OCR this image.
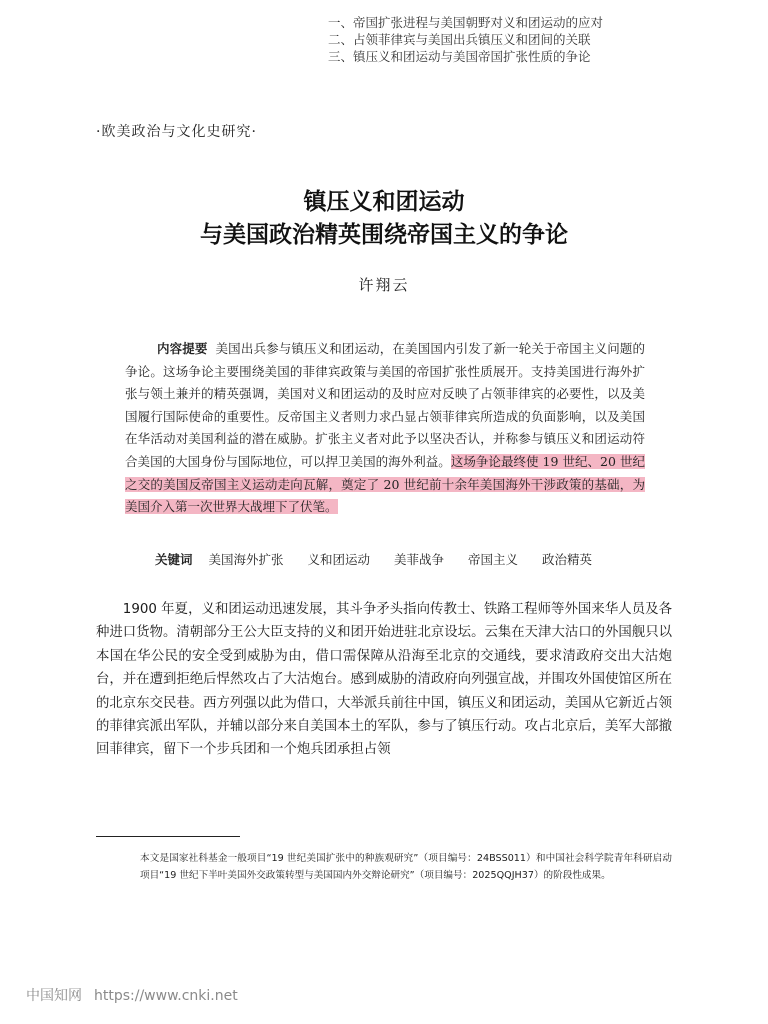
一、帝国扩张进程与美国朝野对义和团运动的应对
二、占领菲律宾与美国出兵镇压义和团间的关联
三、镇压义和团运动与美国帝国扩张性质的争论
·欧美政治与文化史研究·
镇压义和团运动
与美国政治精英围绕帝国主义的争论
许翔云
内容提要 美国出兵参与镇压义和团运动，在美国国内引发了新一轮关于帝国主义问题的争论。这场争论主要围绕美国的菲律宾政策与美国的帝国扩张性质展开。支持美国进行海外扩张与领土兼并的精英强调，美国对义和团运动的及时应对反映了占领菲律宾的必要性，以及美国履行国际使命的重要性。反帝国主义者则力求凸显占领菲律宾所造成的负面影响，以及美国在华活动对美国利益的潜在威胁。扩张主义者对此予以坚决否认，并称参与镇压义和团运动符合美国的大国身份与国际地位，可以捍卫美国的海外利益。这场争论最终使 19 世纪、20 世纪之交的美国反帝国主义运动走向瓦解，奠定了 20 世纪前十余年美国海外干涉政策的基础，为美国介入第一次世界大战埋下了伏笔。
关键词 美国海外扩张 义和团运动 美菲战争 帝国主义 政治精英
1900 年夏，义和团运动迅速发展，其斗争矛头指向传教士、铁路工程师等外国来华人员及各种进口货物。清朝部分王公大臣支持的义和团开始进驻北京设坛。云集在天津大沽口的外国舰只以本国在华公民的安全受到威胁为由，借口需保障从沿海至北京的交通线，要求清政府交出大沽炮台，并在遭到拒绝后悍然攻占了大沽炮台。感到威胁的清政府向列强宣战，并围攻外国使馆区所在的北京东交民巷。西方列强以此为借口，大举派兵前往中国，镇压义和团运动，美国从它新近占领的菲律宾派出军队，并辅以部分来自美国本土的军队，参与了镇压行动。攻占北京后，美军大部撤回菲律宾，留下一个步兵团和一个炮兵团承担占领
本文是国家社科基金一般项目“19 世纪美国扩张中的种族观研究”（项目编号：24BSS011）和中国社会科学院青年科研启动项目“19 世纪下半叶美国外交政策转型与美国国内外交辩论研究”（项目编号：2025QQJH37）的阶段性成果。
中国知网 https://www.cnki.net
